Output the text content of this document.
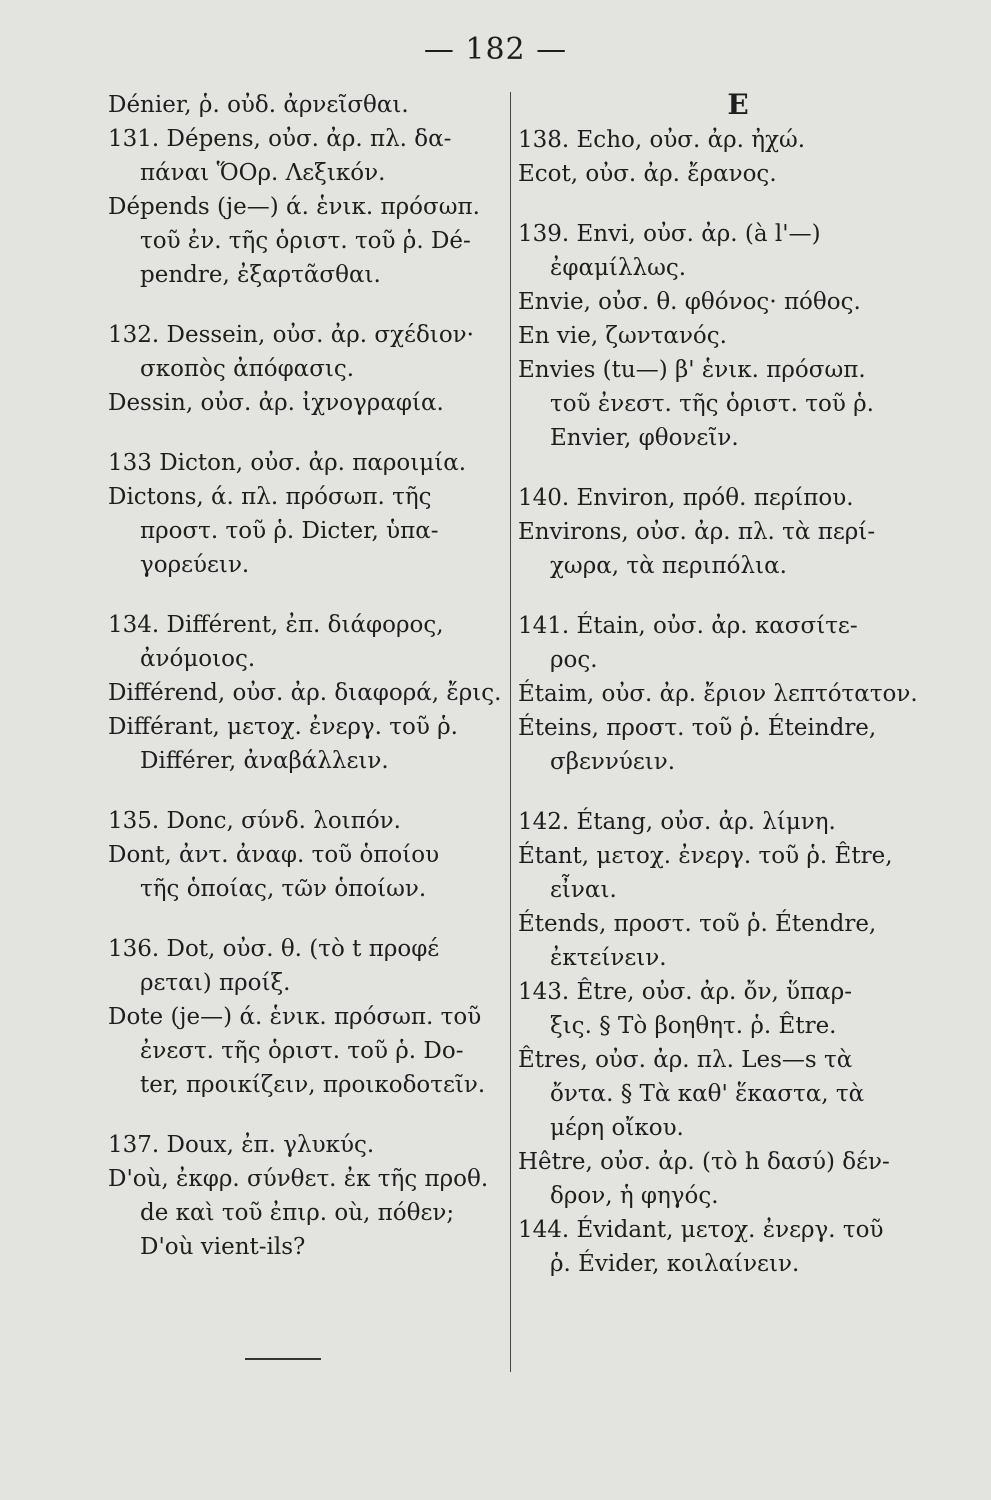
— 182 —

Dénier, ῥ. οὐδ. ἀρνεῖσθαι.

131. Dépens, οὐσ. ἀρ. πλ. δα-
πάναι ὍΟρ. Λεξικόν.

Dépends (je—) ά. ἑνικ. πρόσωπ.
τοῦ ἐν. τῆς ὁριστ. τοῦ ῥ. Dé-
pendre, ἐξαρτᾶσθαι.

132. Dessein, οὐσ. ἀρ. σχέδιον·
σκοπὸς ἀπόφασις.

Dessin, οὐσ. ἀρ. ἰχνογραφία.

133 Dicton, οὐσ. ἀρ. παροιμία.

Dictons, ά. πλ. πρόσωπ. τῆς
προστ. τοῦ ῥ. Dicter, ὑπα-
γορεύειν.

134. Différent, ἐπ. διάφορος,
ἀνόμοιος.

Différend, οὐσ. ἀρ. διαφορά, ἔρις.

Différant, μετοχ. ἐνεργ. τοῦ ῥ.
Différer, ἀναβάλλειν.

135. Donc, σύνδ. λοιπόν.

Dont, ἀντ. ἀναφ. τοῦ ὁποίου
τῆς ὁποίας, τῶν ὁποίων.

136. Dot, οὐσ. θ. (τὸ t προφέ
ρεται) προίξ.

Dote (je—) ά. ἑνικ. πρόσωπ. τοῦ
ἐνεστ. τῆς ὁριστ. τοῦ ῥ. Do-
ter, προικίζειν, προικοδοτεῖν.

137. Doux, ἐπ. γλυκύς.

D'où, ἐκφρ. σύνθετ. ἐκ τῆς προθ.
de καὶ τοῦ ἐπιρ. où, πόθεν;
D'où vient-ils?

E

138. Echo, οὐσ. ἀρ. ἠχώ.

Ecot, οὐσ. ἀρ. ἔρανος.

139. Envi, οὐσ. ἀρ. (à l'—)
ἐφαμίλλως.

Envie, οὐσ. θ. φθόνος· πόθος.

En vie, ζωντανός.

Envies (tu—) β' ἑνικ. πρόσωπ.
τοῦ ἐνεστ. τῆς ὁριστ. τοῦ ῥ.
Envier, φθονεῖν.

140. Environ, πρόθ. περίπου.

Environs, οὐσ. ἀρ. πλ. τὰ περί-
χωρα, τὰ περιπόλια.

141. Étain, οὐσ. ἀρ. κασσίτε-
ρος.

Étaim, οὐσ. ἀρ. ἔριον λεπτότατον.

Éteins, προστ. τοῦ ῥ. Éteindre,
σβεννύειν.

142. Étang, οὐσ. ἀρ. λίμνη.

Étant, μετοχ. ἐνεργ. τοῦ ῥ. Être,
εἶναι.

Étends, προστ. τοῦ ῥ. Étendre,
ἐκτείνειν.

143. Être, οὐσ. ἀρ. ὄν, ὕπαρ-
ξις. § Τὸ βοηθητ. ῥ. Être.

Êtres, οὐσ. ἀρ. πλ. Les—s τὰ
ὄντα. § Τὰ καθ' ἕκαστα, τὰ
μέρη οἴκου.

Hêtre, οὐσ. ἀρ. (τὸ h δασύ) δέν-
δρον, ἡ φηγός.

144. Évidant, μετοχ. ἐνεργ. τοῦ
ῥ. Évider, κοιλαίνειν.
